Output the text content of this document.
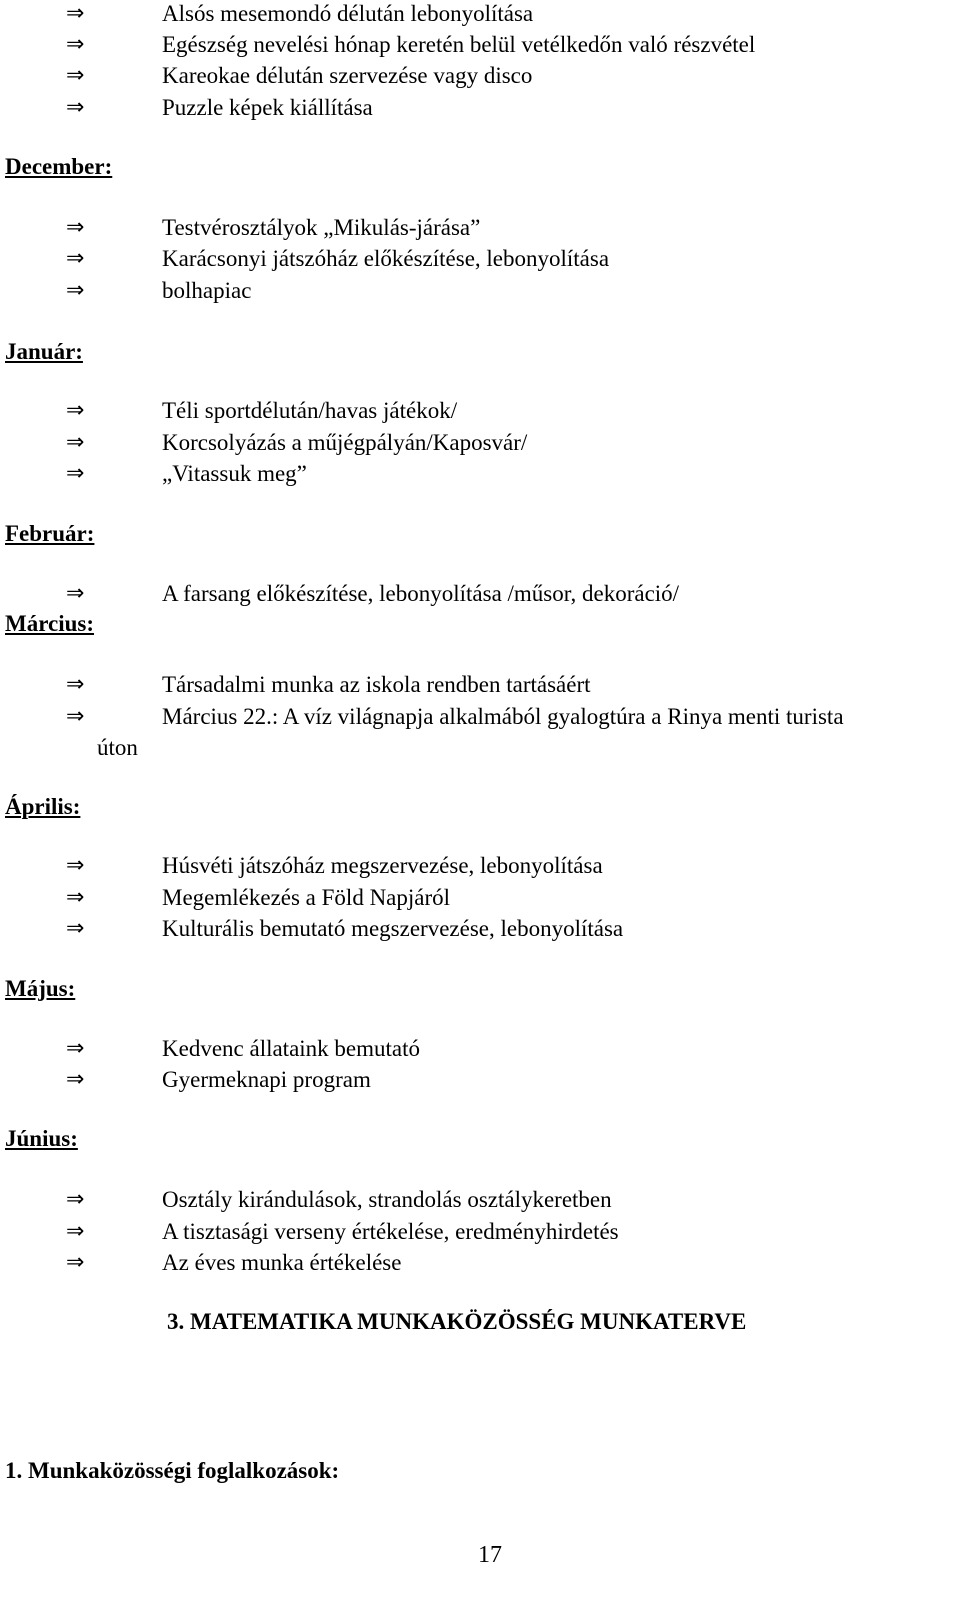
⇒	Alsós mesemondó délután lebonyolítása
⇒	Egészség nevelési hónap keretén belül vetélkedőn való részvétel
⇒	Kareokae délután szervezése vagy disco
⇒	Puzzle képek kiállítása
December:
⇒	Testvérosztályok „Mikulás-járása”
⇒	Karácsonyi játszóház előkészítése, lebonyolítása
⇒	bolhapiac
Január:
⇒	Téli sportdélután/havas játékok/
⇒	Korcsolyázás a műjégpályán/Kaposvár/
⇒	„Vitassuk meg”
Február:
⇒	A farsang előkészítése, lebonyolítása /műsor, dekoráció/
Március:
⇒	Társadalmi munka az iskola rendben tartásáért
⇒	Március 22.: A víz világnapja alkalmából gyalogtúra a Rinya menti turista
úton
Április:
⇒	Húsvéti játszóház megszervezése, lebonyolítása
⇒	Megemlékezés a Föld Napjáról
⇒	Kulturális bemutató megszervezése, lebonyolítása
Május:
⇒	Kedvenc állataink bemutató
⇒	Gyermeknapi program
Június:
⇒	Osztály kirándulások, strandolás osztálykeretben
⇒	A tisztasági verseny értékelése, eredményhirdetés
⇒	Az éves munka értékelése
3. MATEMATIKA MUNKAKÖZÖSSÉG MUNKATERVE
1. Munkaközösségi foglalkozások:
17
